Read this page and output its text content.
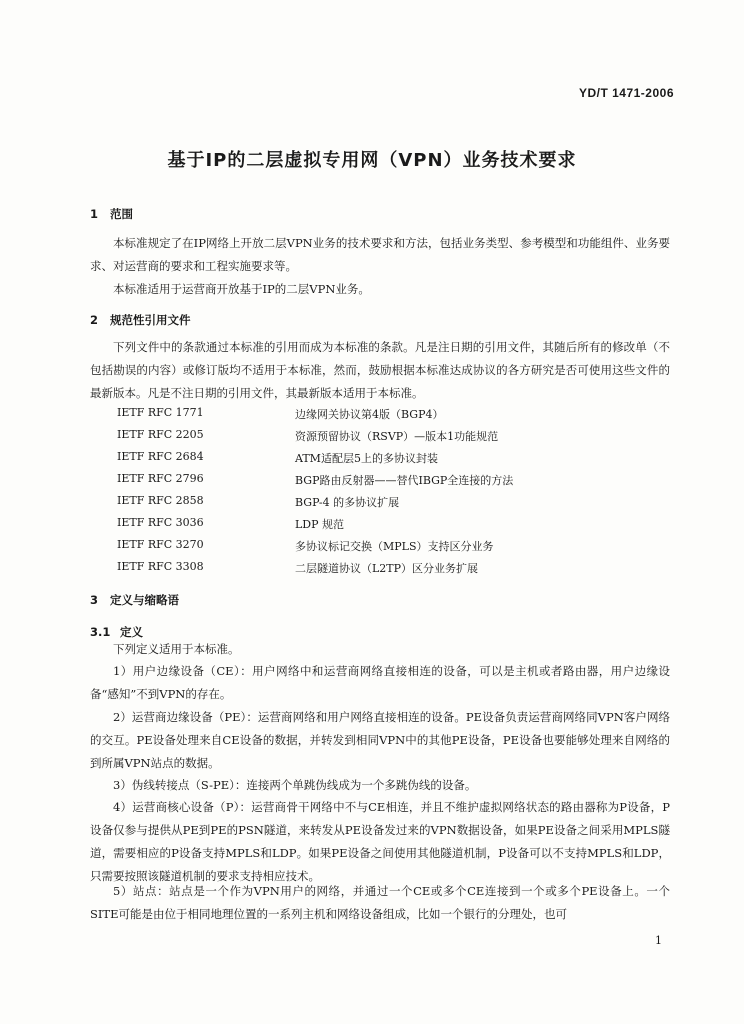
YD/T 1471-2006
基于IP的二层虚拟专用网（VPN）业务技术要求
1 范围

本标准规定了在IP网络上开放二层VPN业务的技术要求和方法，包括业务类型、参考模型和功能组件、业务要求、对运营商的要求和工程实施要求等。

本标准适用于运营商开放基于IP的二层VPN业务。

2 规范性引用文件

下列文件中的条款通过本标准的引用而成为本标准的条款。凡是注日期的引用文件，其随后所有的修改单（不包括勘误的内容）或修订版均不适用于本标准，然而，鼓励根据本标准达成协议的各方研究是否可使用这些文件的最新版本。凡是不注日期的引用文件，其最新版本适用于本标准。

IETF RFC 1771	边缘网关协议第4版（BGP4）
IETF RFC 2205	资源预留协议（RSVP）—版本1功能规范
IETF RFC 2684	ATM适配层5上的多协议封装
IETF RFC 2796	BGP路由反射器——替代IBGP全连接的方法
IETF RFC 2858	BGP-4 的多协议扩展
IETF RFC 3036	LDP 规范
IETF RFC 3270	多协议标记交换（MPLS）支持区分业务
IETF RFC 3308	二层隧道协议（L2TP）区分业务扩展
3 定义与缩略语
3.1 定义

下列定义适用于本标准。

1）用户边缘设备（CE）：用户网络中和运营商网络直接相连的设备，可以是主机或者路由器，用户边缘设备“感知”不到VPN的存在。

2）运营商边缘设备（PE）：运营商网络和用户网络直接相连的设备。PE设备负责运营商网络同VPN客户网络的交互。PE设备处理来自CE设备的数据，并转发到相同VPN中的其他PE设备，PE设备也要能够处理来自网络的到所属VPN站点的数据。

3）伪线转接点（S-PE）：连接两个单跳伪线成为一个多跳伪线的设备。

4）运营商核心设备（P）：运营商骨干网络中不与CE相连，并且不维护虚拟网络状态的路由器称为P设备，P设备仅参与提供从PE到PE的PSN隧道，来转发从PE设备发过来的VPN数据设备，如果PE设备之间采用MPLS隧道，需要相应的P设备支持MPLS和LDP。如果PE设备之间使用其他隧道机制，P设备可以不支持MPLS和LDP，只需要按照该隧道机制的要求支持相应技术。

5）站点：站点是一个作为VPN用户的网络，并通过一个CE或多个CE连接到一个或多个PE设备上。一个SITE可能是由位于相同地理位置的一系列主机和网络设备组成，比如一个银行的分理处，也可

1
